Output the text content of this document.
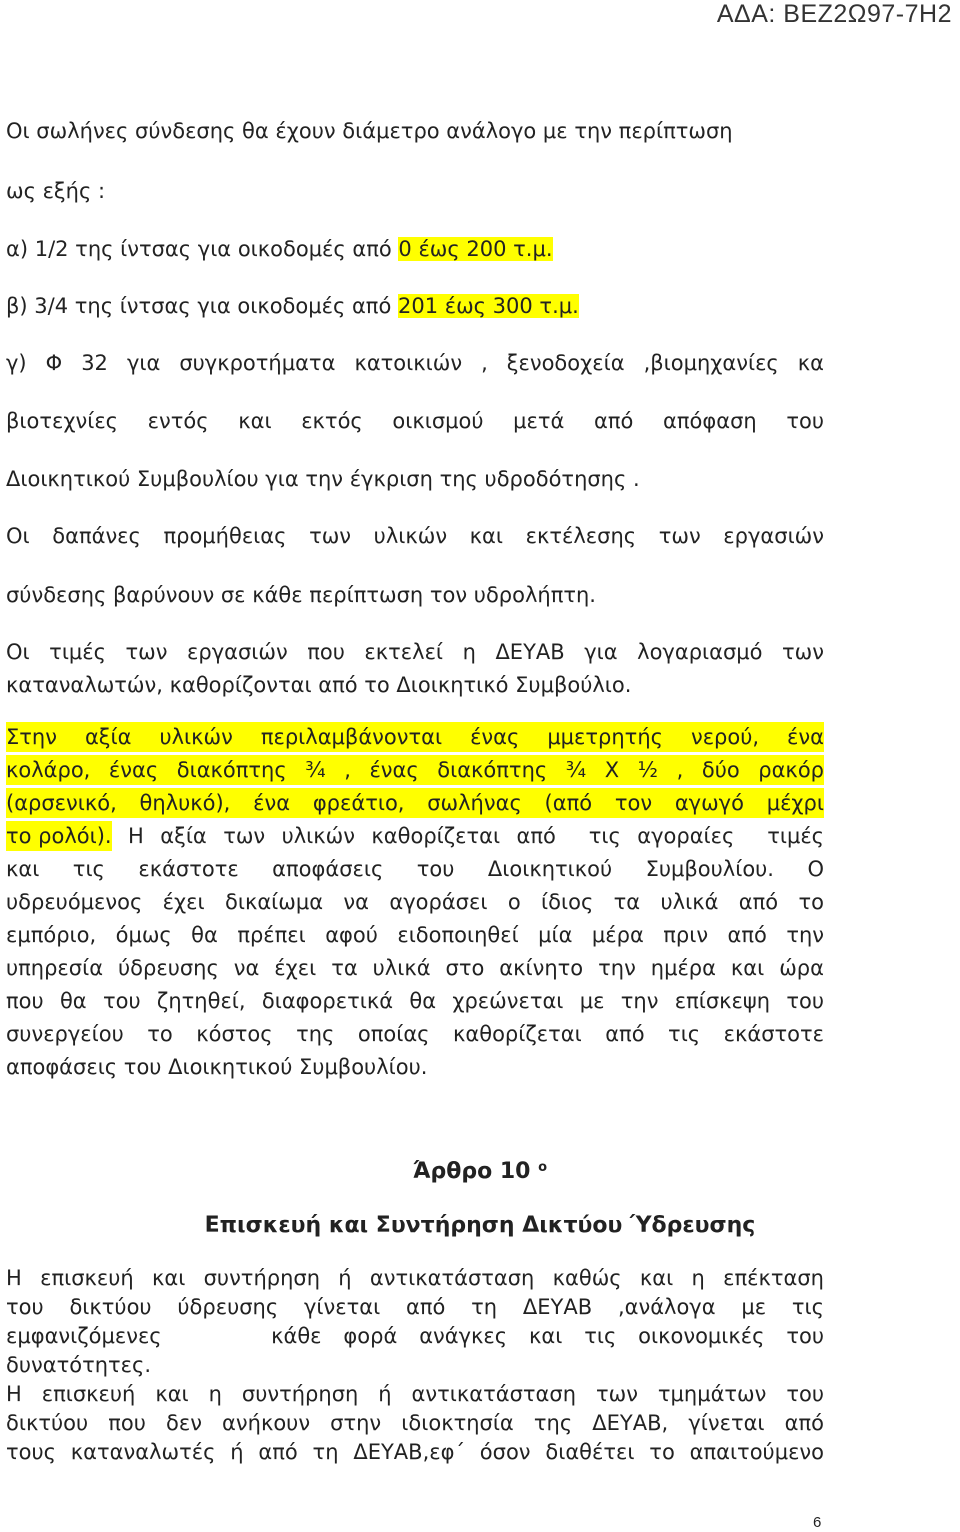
ΑΔΑ: ΒΕΖ2Ω97-7Η2
Οι σωλήνες σύνδεσης θα έχουν διάμετρο ανάλογο με την περίπτωση
ως εξής :
α) 1/2 της ίντσας για οικοδομές από 0 έως 200 τ.μ.
β) 3/4 της ίντσας για οικοδομές από 201 έως 300 τ.μ.
γ) Φ 32 για συγκροτήματα κατοικιών , ξενοδοχεία ,βιομηχανίες κα
βιοτεχνίες εντός και εκτός οικισμού μετά από απόφαση του
Διοικητικού Συμβουλίου για την έγκριση της υδροδότησης .
Οι δαπάνες προμήθειας των υλικών και εκτέλεσης των εργασιών
σύνδεσης βαρύνουν σε κάθε περίπτωση τον υδρολήπτη.
Οι τιμές των εργασιών που εκτελεί η ΔΕΥΑΒ για λογαριασμό των
καταναλωτών, καθορίζονται από το Διοικητικό Συμβούλιο.
Στην αξία υλικών περιλαμβάνονται ένας μμετρητής νερού, ένα
κολάρο, ένας διακόπτης ¾ , ένας διακόπτης ¾ Χ ½ , δύο ρακόρ
(αρσενικό, θηλυκό), ένα φρεάτιο, σωλήνας (από τον αγωγό μέχρι
το ρολόι). Η αξία των υλικών καθορίζεται από  τις αγοραίες  τιμές
και τις εκάστοτε αποφάσεις του Διοικητικού Συμβουλίου. Ο
υδρευόμενος έχει δικαίωμα να αγοράσει ο ίδιος τα υλικά από το
εμπόριο, όμως θα πρέπει αφού ειδοποιηθεί μία μέρα πριν από την
υπηρεσία ύδρευσης να έχει τα υλικά στο ακίνητο την ημέρα και ώρα
που θα του ζητηθεί, διαφορετικά θα χρεώνεται με την επίσκεψη του
συνεργείου το κόστος της οποίας καθορίζεται από τις εκάστοτε
αποφάσεις του Διοικητικού Συμβουλίου.
Άρθρο 10 $^o$
Επισκευή και Συντήρηση Δικτύου Ύδρευσης
Η επισκευή και συντήρηση ή αντικατάσταση καθώς και η επέκταση
του δικτύου ύδρευσης γίνεται από τη ΔΕΥΑΒ ,ανάλογα με τις
εμφανιζόμενες     κάθε φορά ανάγκες και τις οικονομικές του
δυνατότητες.
Η επισκευή και η συντήρηση ή αντικατάσταση των τμημάτων του
δικτύου που δεν ανήκουν στην ιδιοκτησία της ΔΕΥΑΒ, γίνεται από
τους καταναλωτές ή από τη ΔΕΥΑΒ,εφ΄ όσον διαθέτει το απαιτούμενο
6
